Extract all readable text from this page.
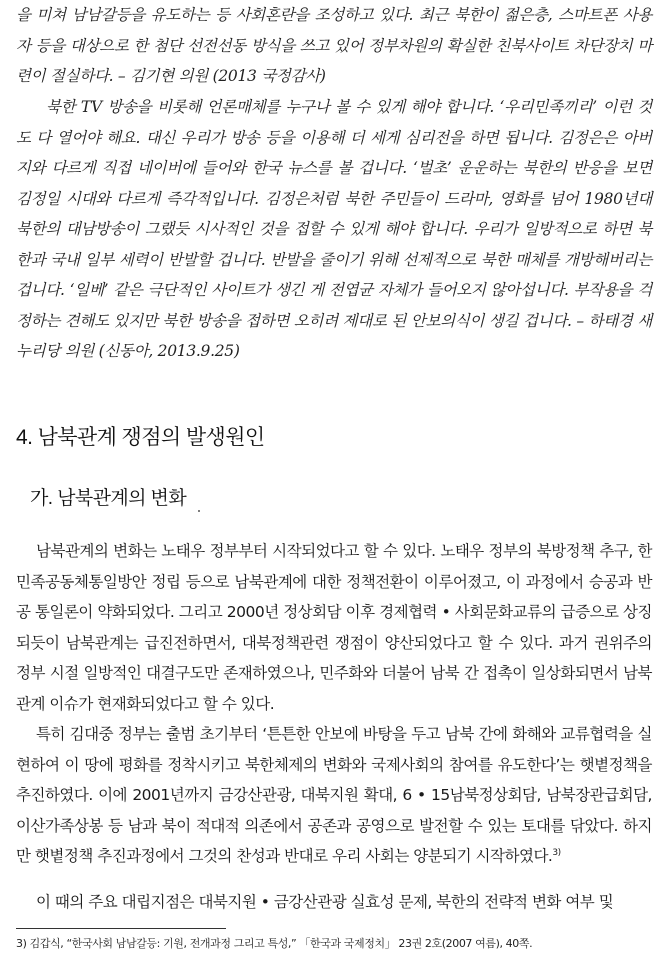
을 미쳐 남남갈등을 유도하는 등 사회혼란을 조성하고 있다. 최근 북한이 젊은층, 스마트폰 사용자 등을 대상으로 한 첨단 선전선동 방식을 쓰고 있어 정부차원의 확실한 친북사이트 차단장치 마련이 절실하다. – 김기현 의원 (2013 국정감사)

북한 TV 방송을 비롯해 언론매체를 누구나 볼 수 있게 해야 합니다. ‘우리민족끼리’ 이런 것도 다 열어야 해요. 대신 우리가 방송 등을 이용해 더 세게 심리전을 하면 됩니다. 김정은은 아버지와 다르게 직접 네이버에 들어와 한국 뉴스를 볼 겁니다. ‘벌초’ 운운하는 북한의 반응을 보면 김정일 시대와 다르게 즉각적입니다. 김정은처럼 북한 주민들이 드라마, 영화를 넘어 1980년대 북한의 대남방송이 그랬듯 시사적인 것을 접할 수 있게 해야 합니다. 우리가 일방적으로 하면 북한과 국내 일부 세력이 반발할 겁니다. 반발을 줄이기 위해 선제적으로 북한 매체를 개방해버리는 겁니다. ‘일베’ 같은 극단적인 사이트가 생긴 게 전엽균 자체가 들어오지 않아섭니다. 부작용을 걱정하는 견해도 있지만 북한 방송을 접하면 오히려 제대로 된 안보의식이 생길 겁니다. – 하태경 새누리당 의원 (신동아, 2013.9.25)

4. 남북관계 쟁점의 발생원인
가. 남북관계의 변화

남북관계의 변화는 노태우 정부부터 시작되었다고 할 수 있다. 노태우 정부의 북방정책 추구, 한민족공동체통일방안 정립 등으로 남북관계에 대한 정책전환이 이루어졌고, 이 과정에서 승공과 반공 통일론이 약화되었다. 그리고 2000년 정상회담 이후 경제협력 • 사회문화교류의 급증으로 상징되듯이 남북관계는 급진전하면서, 대북정책관련 쟁점이 양산되었다고 할 수 있다. 과거 권위주의 정부 시절 일방적인 대결구도만 존재하였으나, 민주화와 더불어 남북 간 접촉이 일상화되면서 남북관계 이슈가 현재화되었다고 할 수 있다.

특히 김대중 정부는 출범 초기부터 ‘튼튼한 안보에 바탕을 두고 남북 간에 화해와 교류협력을 실현하여 이 땅에 평화를 정착시키고 북한체제의 변화와 국제사회의 참여를 유도한다’는 햇볕정책을 추진하였다. 이에 2001년까지 금강산관광, 대북지원 확대, 6 • 15남북정상회담, 남북장관급회담, 이산가족상봉 등 남과 북이 적대적 의존에서 공존과 공영으로 발전할 수 있는 토대를 닦았다. 하지만 햇볕정책 추진과정에서 그것의 찬성과 반대로 우리 사회는 양분되기 시작하였다.$^{3)}$

이 때의 주요 대립지점은 대북지원 • 금강산관광 실효성 문제, 북한의 전략적 변화 여부 및

3) 김갑식, “한국사회 남남갈등: 기원, 전개과정 그리고 특성,” 「한국과 국제정치」 23권 2호(2007 여름), 40쪽.
